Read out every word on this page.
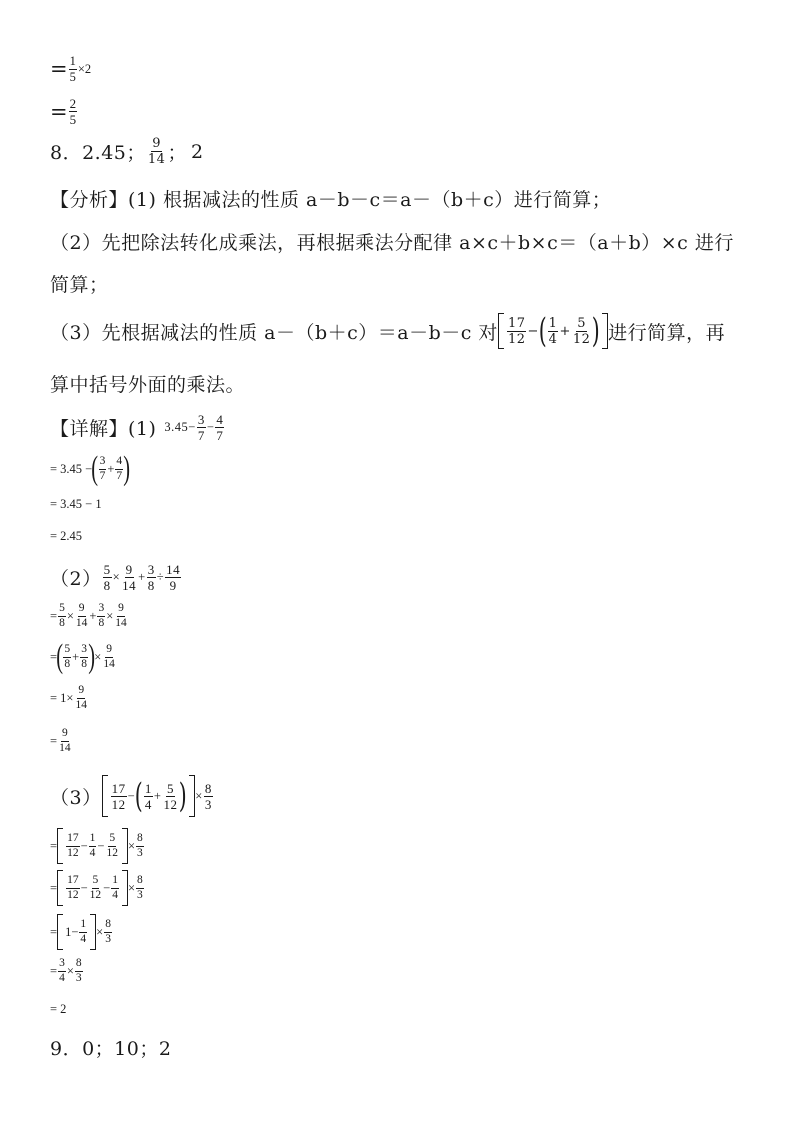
= $\frac{1}{5} \times 2$
= $\frac{2}{5}$
8． 2.45； 9
14 ； 2
【分析】(1) 根据减法的性质 a－b－c＝a－（b＋c）进行简算；
（2）先把除法转化成乘法，再根据乘法分配律 a×c＋b×c＝（a＋b）×c 进行
简算；
（3）先根据减法的性质 a－（b＋c）＝a－b－c 对 17
12
− ( 1
4
+ $\frac{5}{12}$ ) 进行简算，再
算中括号外面的乘法。
【详解】(1) $3.45- \frac{3}{7} - \frac{4}{7}$
= 3.45 − ( 3
$7 + \frac{4}{7}$ )
= 3.45 − 1
= 2.45
$(2) \frac{5}{8} \times \frac{9}{14} + \frac{3}{8} \div \frac{14}{9}$
= $\frac{5}{8} \times \frac{9}{14} + \frac{3}{8} \times \frac{9}{14}$
= ( 5
$8 + \frac{3}{8}$ ) × $\frac{9}{14}$
= $1\times \frac{9}{14}$
= $\frac{9}{14}$
（3） 17
12
− ( 1
4
+ $\frac{5}{12}$ ) × $\frac{8}{3}$
=
17
$12 - \frac{1}{4} - \frac{5}{12} \times \frac{8}{3}$
=
17
$12 - \frac{5}{12} - \frac{1}{4} \times \frac{8}{3}$
= $1- \frac{1}{4} \times \frac{8}{3}$
= $\frac{3}{4} \times \frac{8}{3}$
= 2
9．0；10；2
